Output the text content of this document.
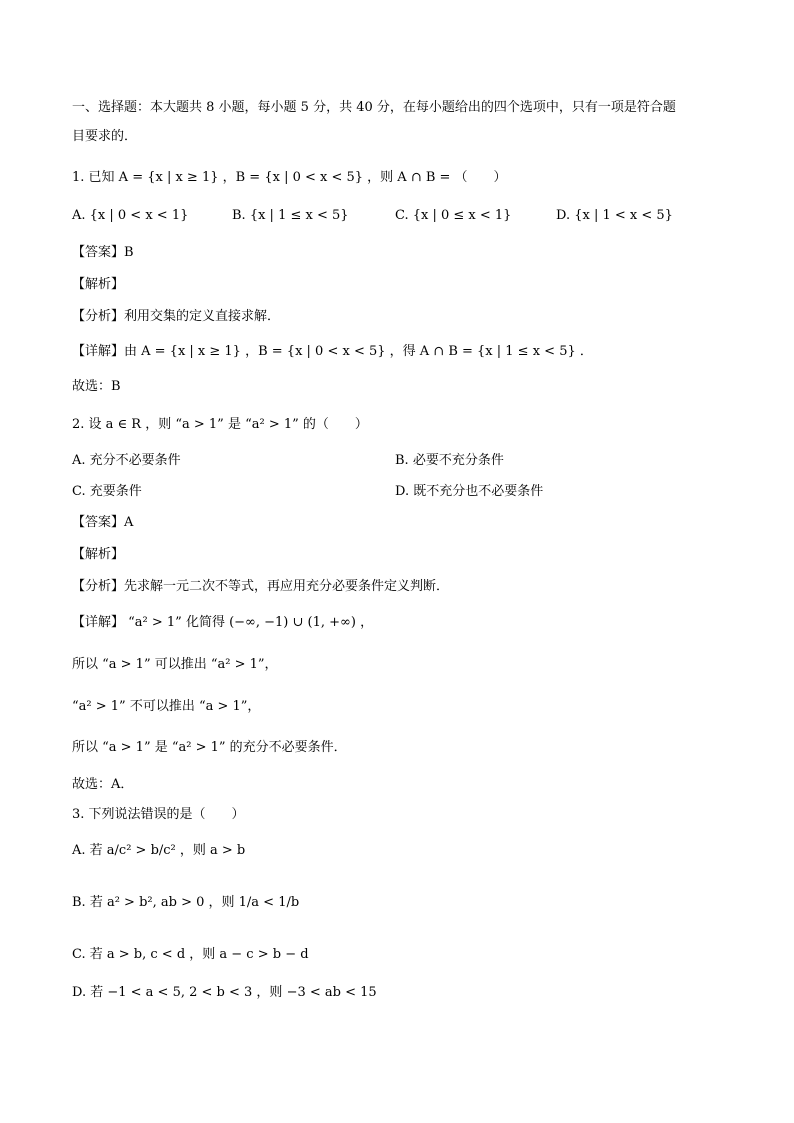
一、选择题：本大题共 8 小题，每小题 5 分，共 40 分，在每小题给出的四个选项中，只有一项是符合题
目要求的．
1. 已知 A = {x | x ≥ 1} ，B = {x | 0 < x < 5} ，则 A ∩ B = （　　）
A. {x | 0 < x < 1}	B. {x | 1 ≤ x < 5}	C. {x | 0 ≤ x < 1}	D. {x | 1 < x < 5}
【答案】B
【解析】
【分析】利用交集的定义直接求解．
【详解】由 A = {x | x ≥ 1} ，B = {x | 0 < x < 5} ，得 A ∩ B = {x | 1 ≤ x < 5} ．
故选：B
2. 设 a ∈ R ，则 “a > 1” 是 “a² > 1” 的（　　）
A. 充分不必要条件	B. 必要不充分条件
C. 充要条件	D. 既不充分也不必要条件
【答案】A
【解析】
【分析】先求解一元二次不等式，再应用充分必要条件定义判断．
【详解】 “a² > 1” 化简得 (−∞, −1) ∪ (1, +∞) ，
所以 “a > 1” 可以推出 “a² > 1”，
“a² > 1” 不可以推出 “a > 1”，
所以 “a > 1” 是 “a² > 1” 的充分不必要条件．
故选：A．
3. 下列说法错误的是（　　）
A. 若 a/c² > b/c² ，则 a > b
B. 若 a² > b², ab > 0 ，则 1/a < 1/b
C. 若 a > b, c < d ，则 a − c > b − d
D. 若 −1 < a < 5, 2 < b < 3 ，则 −3 < ab < 15
